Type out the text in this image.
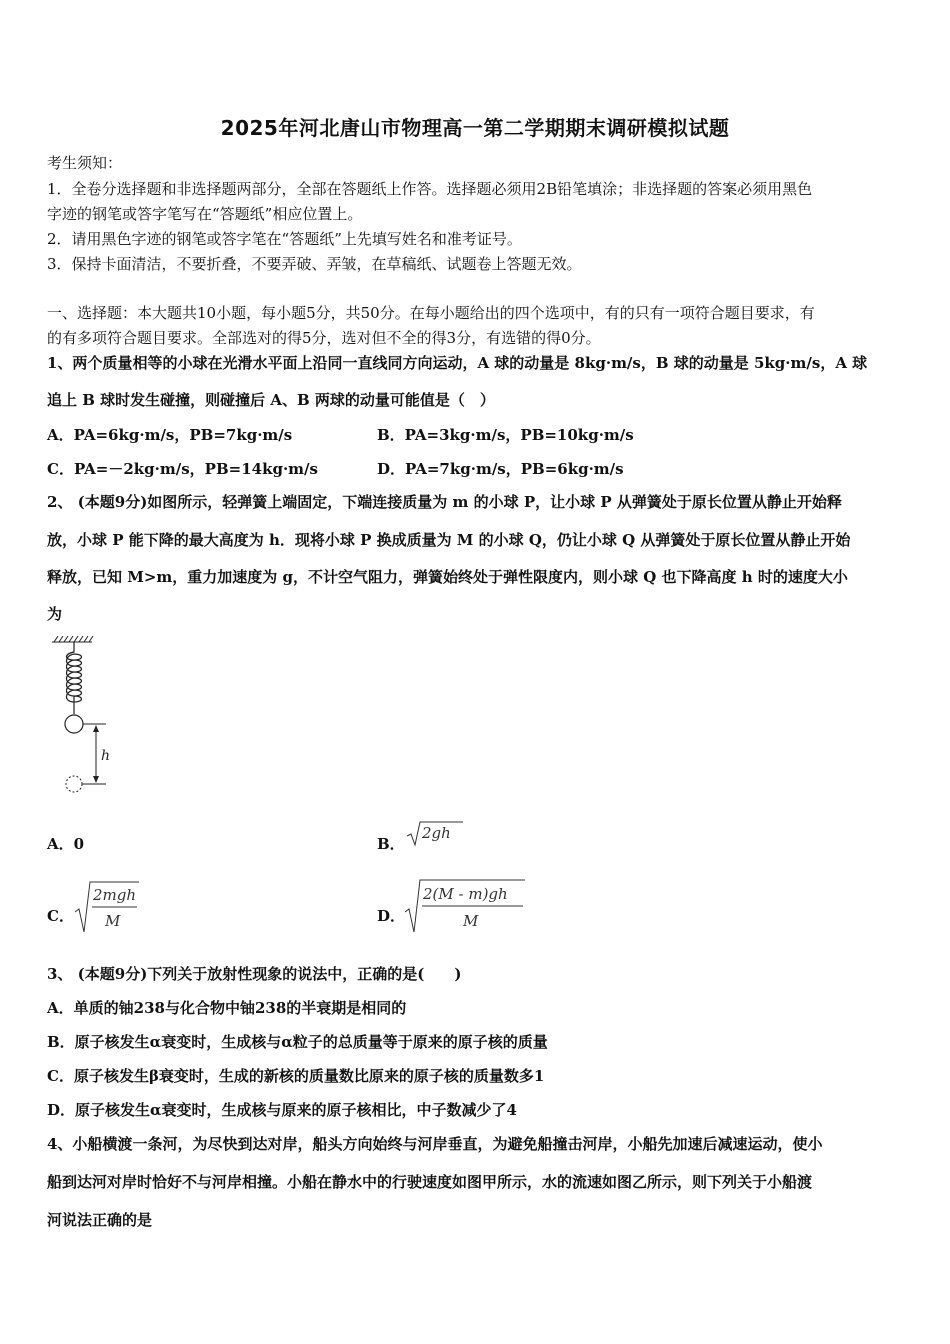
2025年河北唐山市物理高一第二学期期末调研模拟试题
考生须知：
1．全卷分选择题和非选择题两部分，全部在答题纸上作答。选择题必须用2B铅笔填涂；非选择题的答案必须用黑色
字迹的钢笔或答字笔写在“答题纸”相应位置上。
2．请用黑色字迹的钢笔或答字笔在“答题纸”上先填写姓名和准考证号。
3．保持卡面清洁，不要折叠，不要弄破、弄皱，在草稿纸、试题卷上答题无效。
一、选择题：本大题共10小题，每小题5分，共50分。在每小题给出的四个选项中，有的只有一项符合题目要求，有
的有多项符合题目要求。全部选对的得5分，选对但不全的得3分，有选错的得0分。
1、两个质量相等的小球在光滑水平面上沿同一直线同方向运动，A 球的动量是 8kg·m/s，B 球的动量是 5kg·m/s，A 球
追上 B 球时发生碰撞，则碰撞后 A、B 两球的动量可能值是（　）
A．PA=6kg·m/s，PB=7kg·m/s	B．PA=3kg·m/s，PB=10kg·m/s
C．PA=－2kg·m/s，PB=14kg·m/s	D．PA=7kg·m/s，PB=6kg·m/s
2、 (本题9分)如图所示，轻弹簧上端固定，下端连接质量为 m 的小球 P，让小球 P 从弹簧处于原长位置从静止开始释
放，小球 P 能下降的最大高度为 h．现将小球 P 换成质量为 M 的小球 Q，仍让小球 Q 从弹簧处于原长位置从静止开始
释放，已知 M>m，重力加速度为 g，不计空气阻力，弹簧始终处于弹性限度内，则小球 Q 也下降高度 h 时的速度大小
为
h
A．0	B．
2gh
C．
2mgh
M	D．
2(M - m)gh
M
3、 (本题9分)下列关于放射性现象的说法中，正确的是(　　)
A．单质的铀238与化合物中铀238的半衰期是相同的
B．原子核发生α衰变时，生成核与α粒子的总质量等于原来的原子核的质量
C．原子核发生β衰变时，生成的新核的质量数比原来的原子核的质量数多1
D．原子核发生α衰变时，生成核与原来的原子核相比，中子数减少了4
4、小船横渡一条河，为尽快到达对岸，船头方向始终与河岸垂直，为避免船撞击河岸，小船先加速后减速运动，使小
船到达河对岸时恰好不与河岸相撞。小船在静水中的行驶速度如图甲所示，水的流速如图乙所示，则下列关于小船渡
河说法正确的是
